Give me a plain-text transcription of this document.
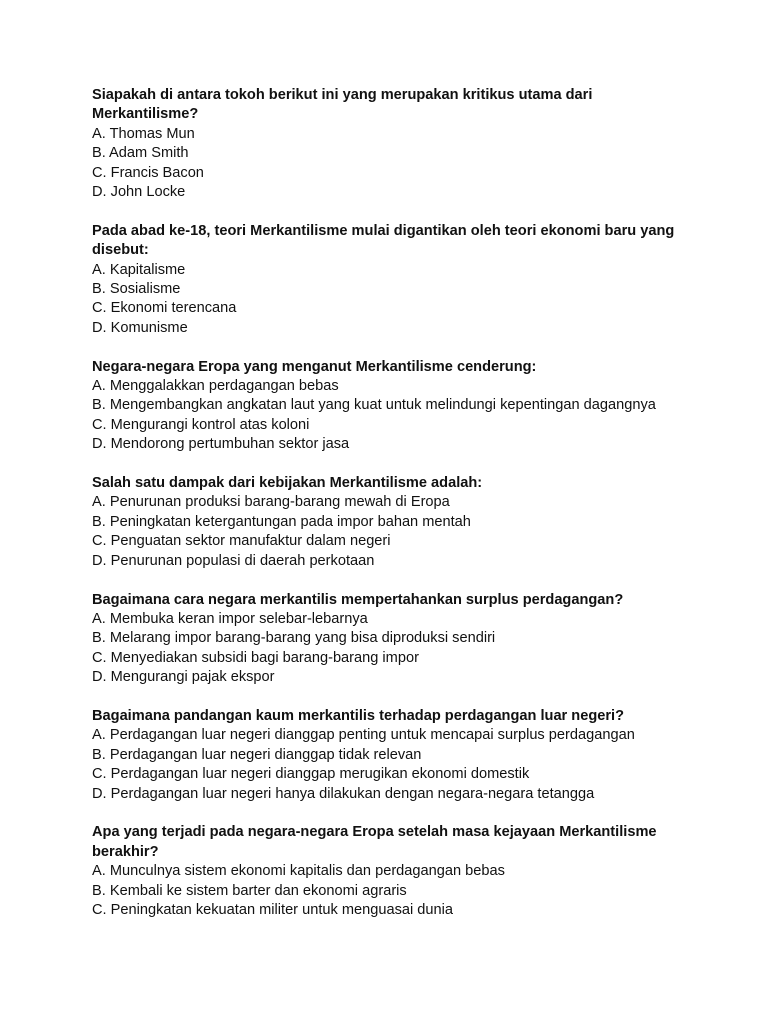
Siapakah di antara tokoh berikut ini yang merupakan kritikus utama dari Merkantilisme?

A. Thomas Mun
B. Adam Smith
C. Francis Bacon
D. John Locke

Pada abad ke-18, teori Merkantilisme mulai digantikan oleh teori ekonomi baru yang disebut:

A. Kapitalisme
B. Sosialisme
C. Ekonomi terencana
D. Komunisme

Negara-negara Eropa yang menganut Merkantilisme cenderung:

A. Menggalakkan perdagangan bebas
B. Mengembangkan angkatan laut yang kuat untuk melindungi kepentingan dagangnya
C. Mengurangi kontrol atas koloni
D. Mendorong pertumbuhan sektor jasa

Salah satu dampak dari kebijakan Merkantilisme adalah:

A. Penurunan produksi barang-barang mewah di Eropa
B. Peningkatan ketergantungan pada impor bahan mentah
C. Penguatan sektor manufaktur dalam negeri
D. Penurunan populasi di daerah perkotaan

Bagaimana cara negara merkantilis mempertahankan surplus perdagangan?

A. Membuka keran impor selebar-lebarnya
B. Melarang impor barang-barang yang bisa diproduksi sendiri
C. Menyediakan subsidi bagi barang-barang impor
D. Mengurangi pajak ekspor

Bagaimana pandangan kaum merkantilis terhadap perdagangan luar negeri?

A. Perdagangan luar negeri dianggap penting untuk mencapai surplus perdagangan
B. Perdagangan luar negeri dianggap tidak relevan
C. Perdagangan luar negeri dianggap merugikan ekonomi domestik
D. Perdagangan luar negeri hanya dilakukan dengan negara-negara tetangga

Apa yang terjadi pada negara-negara Eropa setelah masa kejayaan Merkantilisme berakhir?

A. Munculnya sistem ekonomi kapitalis dan perdagangan bebas
B. Kembali ke sistem barter dan ekonomi agraris
C. Peningkatan kekuatan militer untuk menguasai dunia
